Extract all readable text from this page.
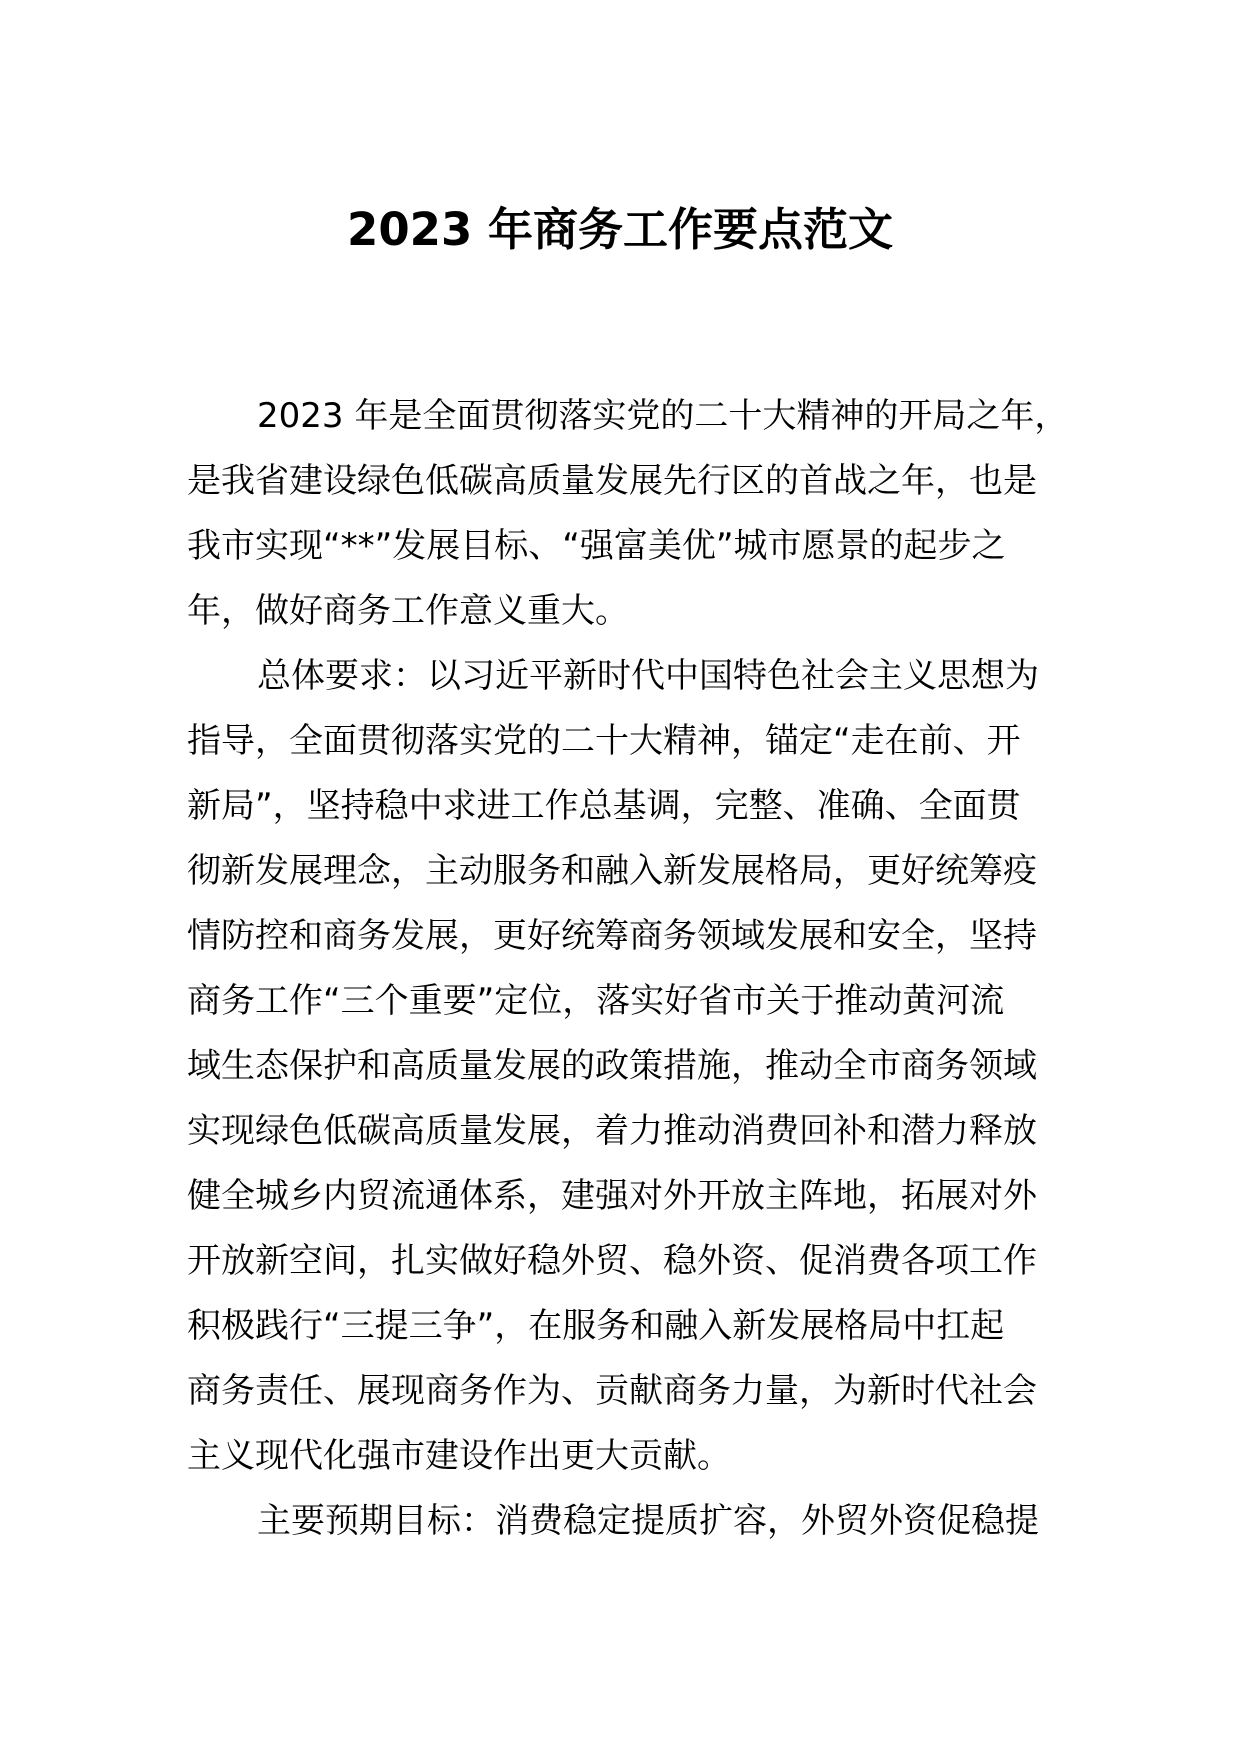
2023 年商务工作要点范文
2023 年是全面贯彻落实党的二十大精神的开局之年，
是我省建设绿色低碳高质量发展先行区的首战之年，也是
我市实现“**”发展目标、“强富美优”城市愿景的起步之
年，做好商务工作意义重大。
总体要求：以习近平新时代中国特色社会主义思想为
指导，全面贯彻落实党的二十大精神，锚定“走在前、开
新局”，坚持稳中求进工作总基调，完整、准确、全面贯
彻新发展理念，主动服务和融入新发展格局，更好统筹疫
情防控和商务发展，更好统筹商务领域发展和安全，坚持
商务工作“三个重要”定位，落实好省市关于推动黄河流
域生态保护和高质量发展的政策措施，推动全市商务领域
实现绿色低碳高质量发展，着力推动消费回补和潜力释放
健全城乡内贸流通体系，建强对外开放主阵地，拓展对外
开放新空间，扎实做好稳外贸、稳外资、促消费各项工作
积极践行“三提三争”，在服务和融入新发展格局中扛起
商务责任、展现商务作为、贡献商务力量，为新时代社会
主义现代化强市建设作出更大贡献。
主要预期目标：消费稳定提质扩容，外贸外资促稳提
